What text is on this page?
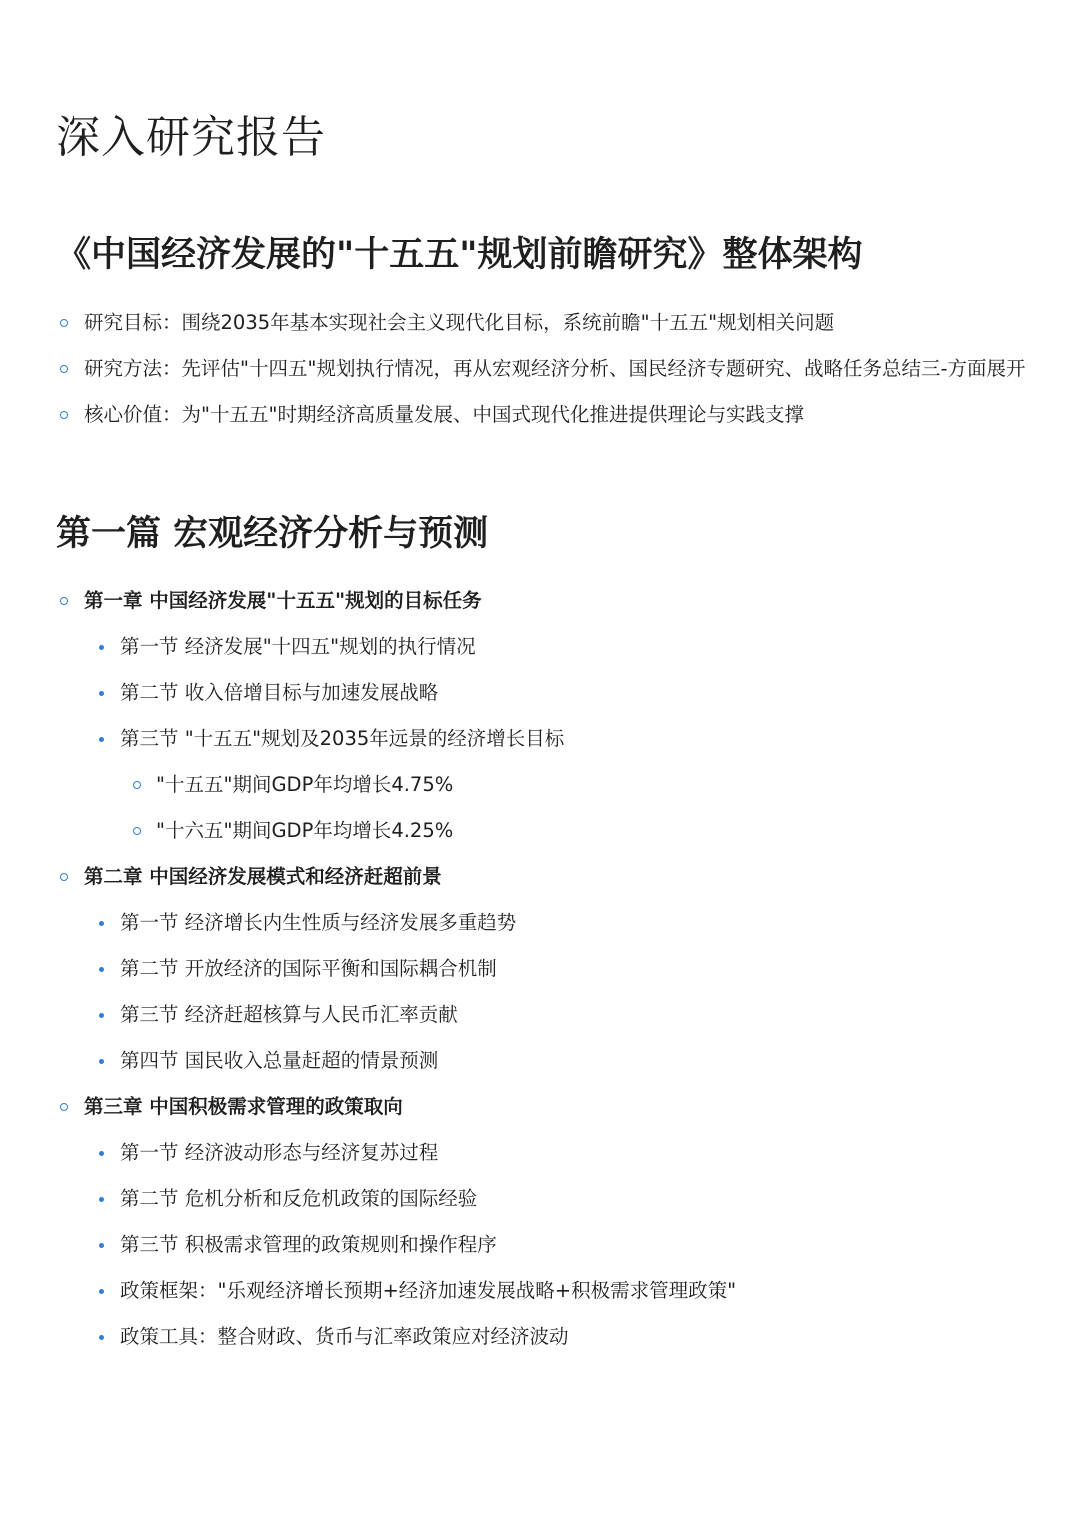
深入研究报告
《中国经济发展的"十五五"规划前瞻研究》整体架构
研究目标：围绕2035年基本实现社会主义现代化目标，系统前瞻"十五五"规划相关问题
研究方法：先评估"十四五"规划执行情况，再从宏观经济分析、国民经济专题研究、战略任务总结三-方面展开
核心价值：为"十五五"时期经济高质量发展、中国式现代化推进提供理论与实践支撑
第一篇 宏观经济分析与预测
第一章 中国经济发展"十五五"规划的目标任务
第一节 经济发展"十四五"规划的执行情况
第二节 收入倍增目标与加速发展战略
第三节 "十五五"规划及2035年远景的经济增长目标
"十五五"期间GDP年均增长4.75%
"十六五"期间GDP年均增长4.25%
第二章 中国经济发展模式和经济赶超前景
第一节 经济增长内生性质与经济发展多重趋势
第二节 开放经济的国际平衡和国际耦合机制
第三节 经济赶超核算与人民币汇率贡献
第四节 国民收入总量赶超的情景预测
第三章 中国积极需求管理的政策取向
第一节 经济波动形态与经济复苏过程
第二节 危机分析和反危机政策的国际经验
第三节 积极需求管理的政策规则和操作程序
政策框架："乐观经济增长预期+经济加速发展战略+积极需求管理政策"
政策工具：整合财政、货币与汇率政策应对经济波动
